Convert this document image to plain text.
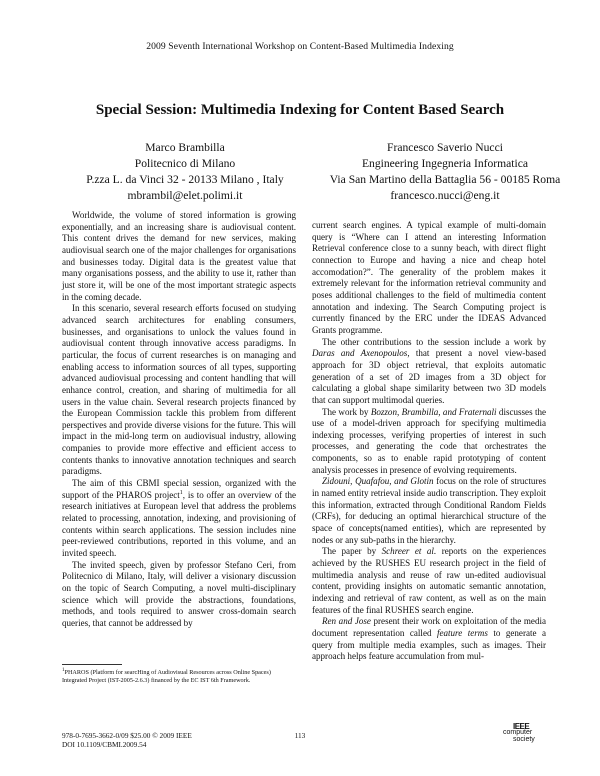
2009 Seventh International Workshop on Content-Based Multimedia Indexing
Special Session: Multimedia Indexing for Content Based Search
Marco Brambilla
Politecnico di Milano
P.zza L. da Vinci 32 - 20133 Milano , Italy
mbrambil@elet.polimi.it
Francesco Saverio Nucci
Engineering Ingegneria Informatica
Via San Martino della Battaglia 56 - 00185 Roma
francesco.nucci@eng.it

Worldwide, the volume of stored information is growing exponentially, and an increasing share is audiovisual content. This content drives the demand for new services, making audiovisual search one of the major challenges for organisations and businesses today. Digital data is the greatest value that many organisations possess, and the ability to use it, rather than just store it, will be one of the most important strategic aspects in the coming decade.

In this scenario, several research efforts focused on studying advanced search architectures for enabling consumers, businesses, and organisations to unlock the values found in audiovisual content through innovative access paradigms. In particular, the focus of current researches is on managing and enabling access to information sources of all types, supporting advanced audiovisual processing and content handling that will enhance control, creation, and sharing of multimedia for all users in the value chain. Several research projects financed by the European Commission tackle this problem from different perspectives and provide diverse visions for the future. This will impact in the mid-long term on audiovisual industry, allowing companies to provide more effective and efficient access to contents thanks to innovative annotation techniques and search paradigms.

The aim of this CBMI special session, organized with the support of the PHAROS project$^1$, is to offer an overview of the research initiatives at European level that address the problems related to processing, annotation, indexing, and provisioning of contents within search applications. The session includes nine peer-reviewed contributions, reported in this volume, and an invited speech.

The invited speech, given by professor Stefano Ceri, from Politecnico di Milano, Italy, will deliver a visionary discussion on the topic of Search Computing, a novel multi-disciplinary science which will provide the abstractions, foundations, methods, and tools required to answer cross-domain search queries, that cannot be addressed by

current search engines. A typical example of multi-domain query is “Where can I attend an interesting Information Retrieval conference close to a sunny beach, with direct flight connection to Europe and having a nice and cheap hotel accomodation?”. The generality of the problem makes it extremely relevant for the information retrieval community and poses additional challenges to the field of multimedia content annotation and indexing. The Search Computing project is currently financed by the ERC under the IDEAS Advanced Grants programme.

The other contributions to the session include a work by Daras and Axenopoulos, that present a novel view-based approach for 3D object retrieval, that exploits automatic generation of a set of 2D images from a 3D object for calculating a global shape similarity between two 3D models that can support multimodal queries.

The work by Bozzon, Brambilla, and Fraternali discusses the use of a model-driven approach for specifying multimedia indexing processes, verifying properties of interest in such processes, and generating the code that orchestrates the components, so as to enable rapid prototyping of content analysis processes in presence of evolving requirements.

Zidouni, Quafafou, and Glotin focus on the role of structures in named entity retrieval inside audio transcription. They exploit this information, extracted through Conditional Random Fields (CRFs), for deducing an optimal hierarchical structure of the space of concepts(named entities), which are represented by nodes or any sub-paths in the hierarchy.

The paper by Schreer et al. reports on the experiences achieved by the RUSHES EU research project in the field of multimedia analysis and reuse of raw un-edited audiovisual content, providing insights on automatic semantic annotation, indexing and retrieval of raw content, as well as on the main features of the final RUSHES search engine.

Ren and Jose present their work on exploitation of the media document representation called feature terms to generate a query from multiple media examples, such as images. Their approach helps feature accumulation from mul-

$^1$PHAROS (Platform for searcHing of Audiovisual Resources across Online Spaces) Integrated Project (IST-2005-2.6.3) financed by the EC IST 6th Framework.
978-0-7695-3662-0/09 $25.00 © 2009 IEEE
DOI 10.1109/CBMI.2009.54
113
IEEE
computer
society
